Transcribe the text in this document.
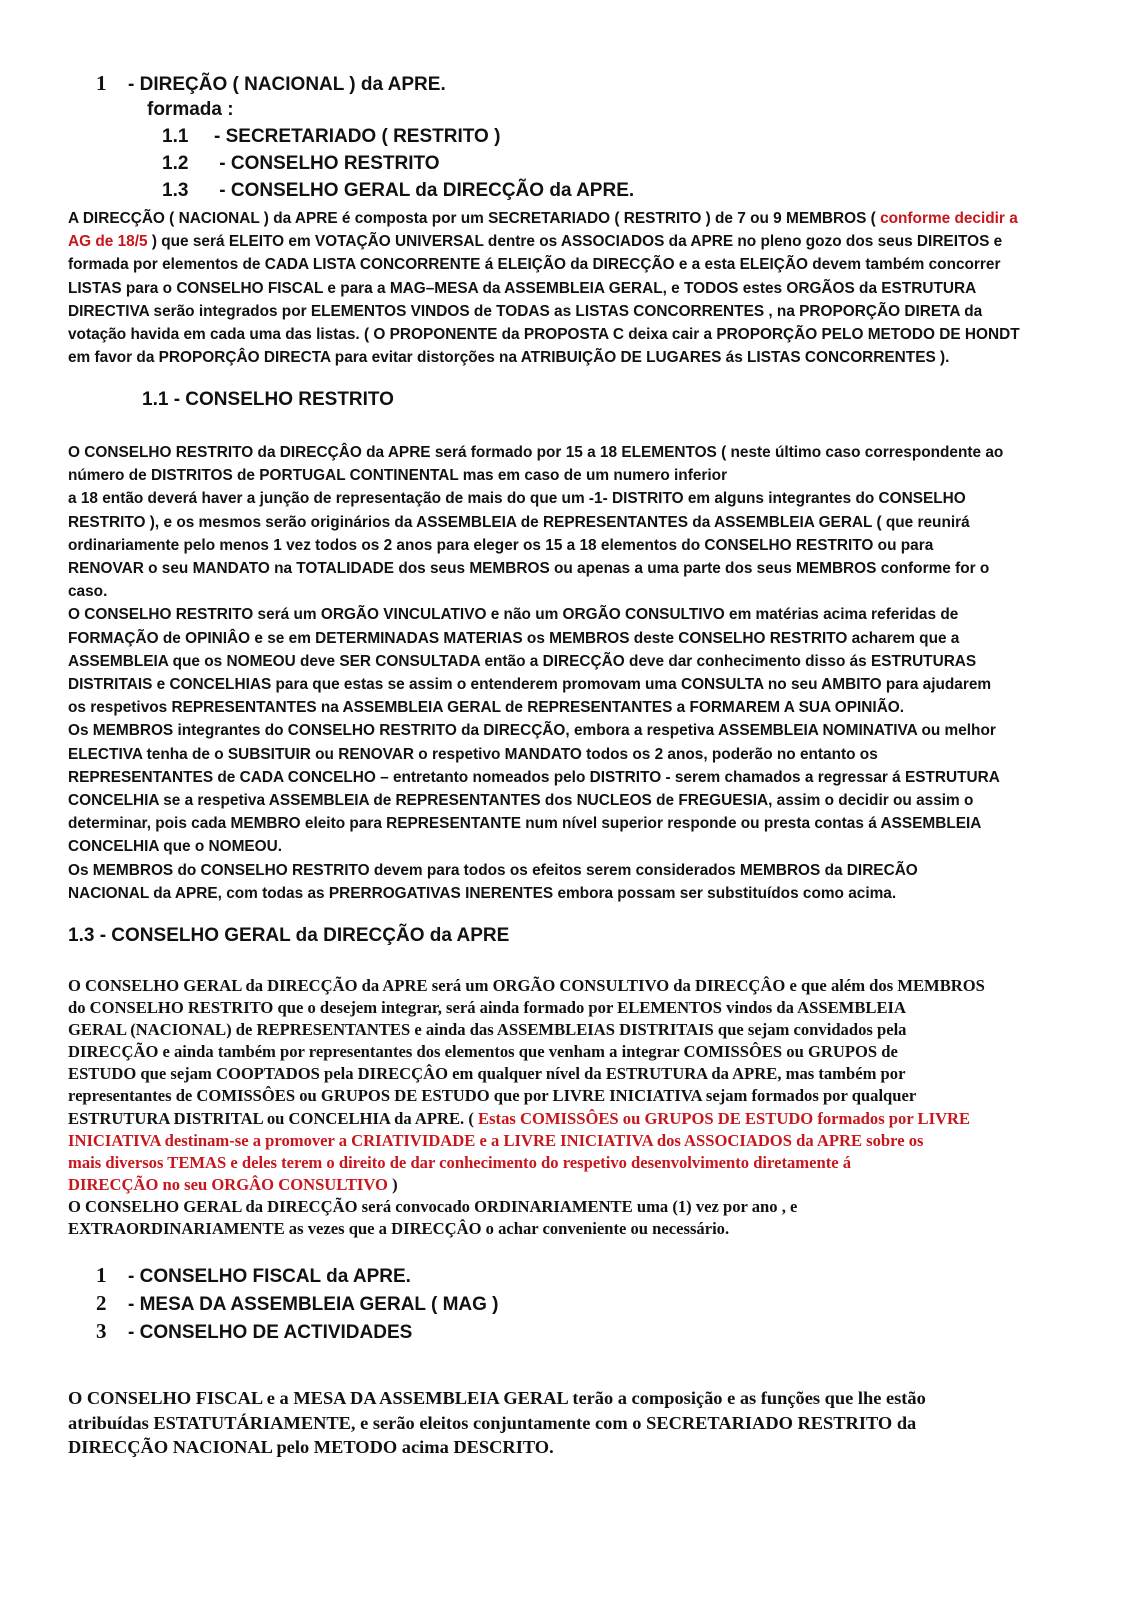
1 - DIREÇÃO ( NACIONAL ) da APRE.
formada :
1.1 - SECRETARIADO ( RESTRITO )
1.2 - CONSELHO RESTRITO
1.3 - CONSELHO GERAL da DIRECÇÃO da APRE.
A DIRECÇÃO ( NACIONAL ) da APRE é composta por um SECRETARIADO ( RESTRITO ) de 7 ou 9 MEMBROS ( conforme decidir a
AG de 18/5 ) que será ELEITO em VOTAÇÃO UNIVERSAL dentre os ASSOCIADOS da APRE no pleno gozo dos seus DIREITOS e
formada por elementos de CADA LISTA CONCORRENTE á ELEIÇÃO da DIRECÇÃO e a esta ELEIÇÃO devem também concorrer
LISTAS para o CONSELHO FISCAL e para a MAG–MESA da ASSEMBLEIA GERAL, e TODOS estes ORGÃOS da ESTRUTURA
DIRECTIVA serão integrados por ELEMENTOS VINDOS de TODAS as LISTAS CONCORRENTES , na PROPORÇÃO DIRETA da
votação havida em cada uma das listas. ( O PROPONENTE da PROPOSTA C deixa cair a PROPORÇÃO PELO METODO DE HONDT
em favor da PROPORÇÂO DIRECTA para evitar distorções na ATRIBUIÇÃO DE LUGARES ás LISTAS CONCORRENTES ).
1.1 - CONSELHO RESTRITO
O CONSELHO RESTRITO da DIRECÇÂO da APRE será formado por 15 a 18 ELEMENTOS ( neste último caso correspondente ao
número de DISTRITOS de PORTUGAL CONTINENTAL mas em caso de um numero inferior
a 18 então deverá haver a junção de representação de mais do que um -1- DISTRITO em alguns integrantes do CONSELHO
RESTRITO ), e os mesmos serão originários da ASSEMBLEIA de REPRESENTANTES da ASSEMBLEIA GERAL ( que reunirá
ordinariamente pelo menos 1 vez todos os 2 anos para eleger os 15 a 18 elementos do CONSELHO RESTRITO ou para
RENOVAR o seu MANDATO na TOTALIDADE dos seus MEMBROS ou apenas a uma parte dos seus MEMBROS conforme for o
caso.
O CONSELHO RESTRITO será um ORGÃO VINCULATIVO e não um ORGÃO CONSULTIVO em matérias acima referidas de
FORMAÇÃO de OPINIÂO e se em DETERMINADAS MATERIAS os MEMBROS deste CONSELHO RESTRITO acharem que a
ASSEMBLEIA que os NOMEOU deve SER CONSULTADA então a DIRECÇÃO deve dar conhecimento disso ás ESTRUTURAS
DISTRITAIS e CONCELHIAS para que estas se assim o entenderem promovam uma CONSULTA no seu AMBITO para ajudarem
os respetivos REPRESENTANTES na ASSEMBLEIA GERAL de REPRESENTANTES a FORMAREM A SUA OPINIÃO.
Os MEMBROS integrantes do CONSELHO RESTRITO da DIRECÇÃO, embora a respetiva ASSEMBLEIA NOMINATIVA ou melhor
ELECTIVA tenha de o SUBSITUIR ou RENOVAR o respetivo MANDATO todos os 2 anos, poderão no entanto os
REPRESENTANTES de CADA CONCELHO – entretanto nomeados pelo DISTRITO - serem chamados a regressar á ESTRUTURA
CONCELHIA se a respetiva ASSEMBLEIA de REPRESENTANTES dos NUCLEOS de FREGUESIA, assim o decidir ou assim o
determinar, pois cada MEMBRO eleito para REPRESENTANTE num nível superior responde ou presta contas á ASSEMBLEIA
CONCELHIA que o NOMEOU.
Os MEMBROS do CONSELHO RESTRITO devem para todos os efeitos serem considerados MEMBROS da DIRECÃO
NACIONAL da APRE, com todas as PRERROGATIVAS INERENTES embora possam ser substituídos como acima.
1.3 - CONSELHO GERAL da DIRECÇÃO da APRE
O CONSELHO GERAL da DIRECÇÃO da APRE será um ORGÃO CONSULTIVO da DIRECÇÂO e que além dos MEMBROS
do CONSELHO RESTRITO que o desejem integrar, será ainda formado por ELEMENTOS vindos da ASSEMBLEIA
GERAL (NACIONAL) de REPRESENTANTES e ainda das ASSEMBLEIAS DISTRITAIS que sejam convidados pela
DIRECÇÃO e ainda também por representantes dos elementos que venham a integrar COMISSÔES ou GRUPOS de
ESTUDO que sejam COOPTADOS pela DIRECÇÂO em qualquer nível da ESTRUTURA da APRE, mas também por
representantes de COMISSÔES ou GRUPOS DE ESTUDO que por LIVRE INICIATIVA sejam formados por qualquer
ESTRUTURA DISTRITAL ou CONCELHIA da APRE. ( Estas COMISSÔES ou GRUPOS DE ESTUDO formados por LIVRE
INICIATIVA destinam-se a promover a CRIATIVIDADE e a LIVRE INICIATIVA dos ASSOCIADOS da APRE sobre os
mais diversos TEMAS e deles terem o direito de dar conhecimento do respetivo desenvolvimento diretamente á
DIRECÇÃO no seu ORGÂO CONSULTIVO )
O CONSELHO GERAL da DIRECÇÃO será convocado ORDINARIAMENTE uma (1) vez por ano , e
EXTRAORDINARIAMENTE as vezes que a DIRECÇÂO o achar conveniente ou necessário.
1 - CONSELHO FISCAL da APRE.
2 - MESA DA ASSEMBLEIA GERAL ( MAG )
3 - CONSELHO DE ACTIVIDADES
O CONSELHO FISCAL e a MESA DA ASSEMBLEIA GERAL terão a composição e as funções que lhe estão
atribuídas ESTATUTÁRIAMENTE, e serão eleitos conjuntamente com o SECRETARIADO RESTRITO da
DIRECÇÃO NACIONAL pelo METODO acima DESCRITO.
